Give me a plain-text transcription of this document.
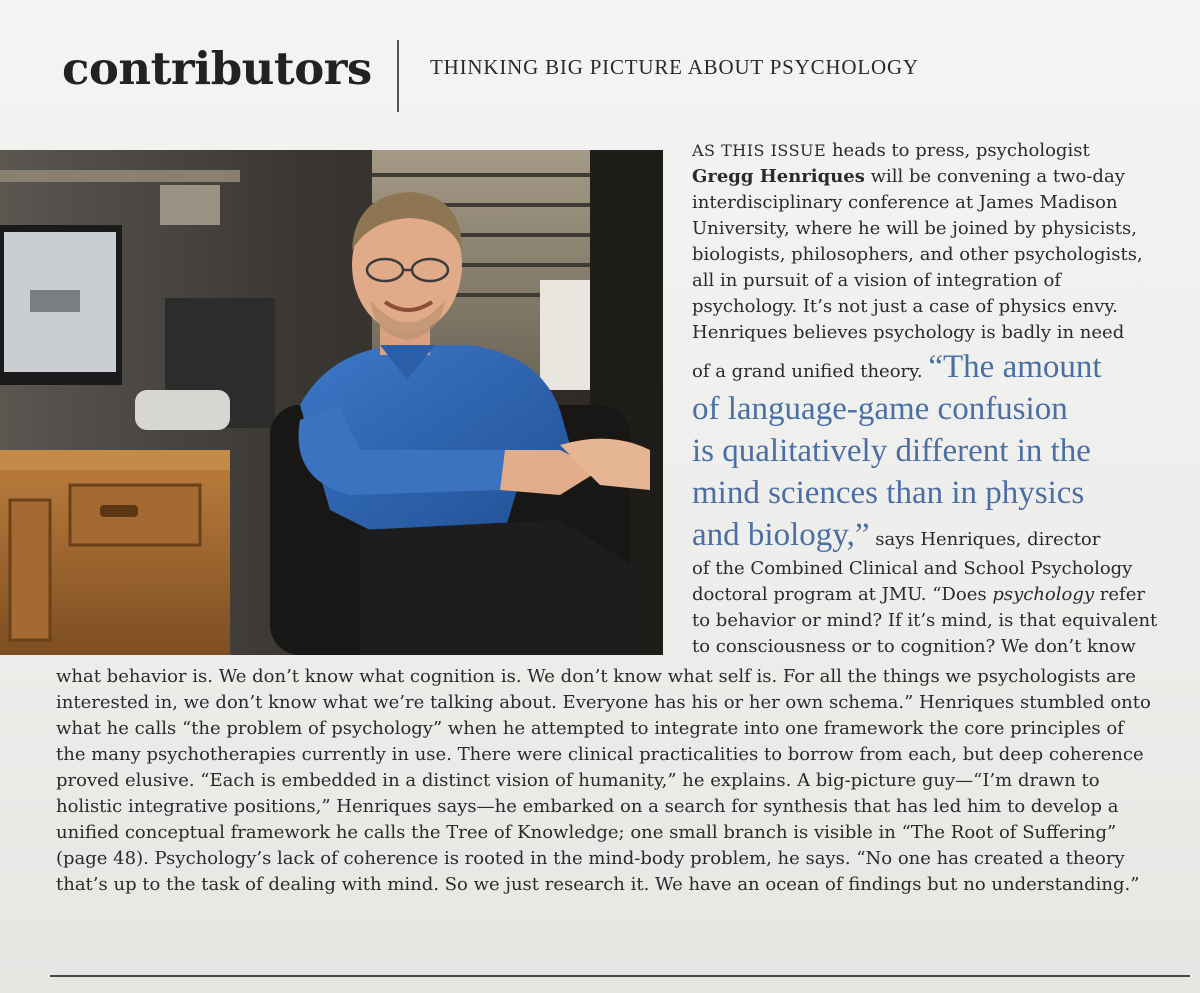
contributors	THINKING BIG PICTURE ABOUT PSYCHOLOGY
AS THIS ISSUE heads to press, psychologist
Gregg Henriques will be convening a two-day
interdisciplinary conference at James Madison
University, where he will be joined by physicists,
biologists, philosophers, and other psychologists,
all in pursuit of a vision of integration of
psychology. It’s not just a case of physics envy.
Henriques believes psychology is badly in need
of a grand unified theory. “The amount
of language-game confusion
is qualitatively different in the
mind sciences than in physics
and biology,” says Henriques, director
of the Combined Clinical and School Psychology
doctoral program at JMU. “Does psychology refer
to behavior or mind? If it’s mind, is that equivalent
to consciousness or to cognition? We don’t know
what behavior is. We don’t know what cognition is. We don’t know what self is. For all the things we psychologists are
interested in, we don’t know what we’re talking about. Everyone has his or her own schema.” Henriques stumbled onto
what he calls “the problem of psychology” when he attempted to integrate into one framework the core principles of
the many psychotherapies currently in use. There were clinical practicalities to borrow from each, but deep coherence
proved elusive. “Each is embedded in a distinct vision of humanity,” he explains. A big-picture guy—“I’m drawn to
holistic integrative positions,” Henriques says—he embarked on a search for synthesis that has led him to develop a
unified conceptual framework he calls the Tree of Knowledge; one small branch is visible in “The Root of Suffering”
(page 48). Psychology’s lack of coherence is rooted in the mind-body problem, he says. “No one has created a theory
that’s up to the task of dealing with mind. So we just research it. We have an ocean of findings but no understanding.”
